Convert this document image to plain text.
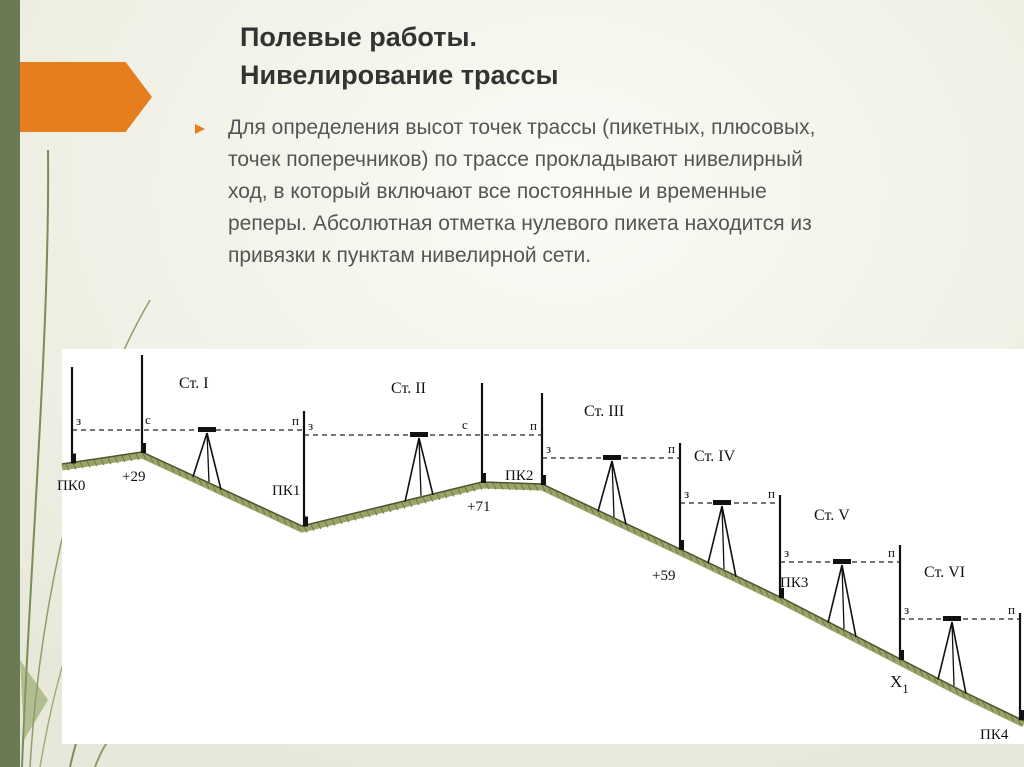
Полевые работы.
Нивелирование трассы
Для определения высот точек трассы (пикетных, плюсовых,
точек поперечников) по трассе прокладывают нивелирный
ход, в который включают все постоянные и временные
реперы. Абсолютная отметка нулевого пикета находится из
привязки к пунктам нивелирной сети.
Ст. I
з	п
Ст. II
з	п
Ст. III
з	п Ст. IV
з	п
Ст. V
з	п
Ст. VI
з	п
с	с
ПК0
+29
ПК1
+71
ПК2
+59	ПК3
$X_1$
ПК4
